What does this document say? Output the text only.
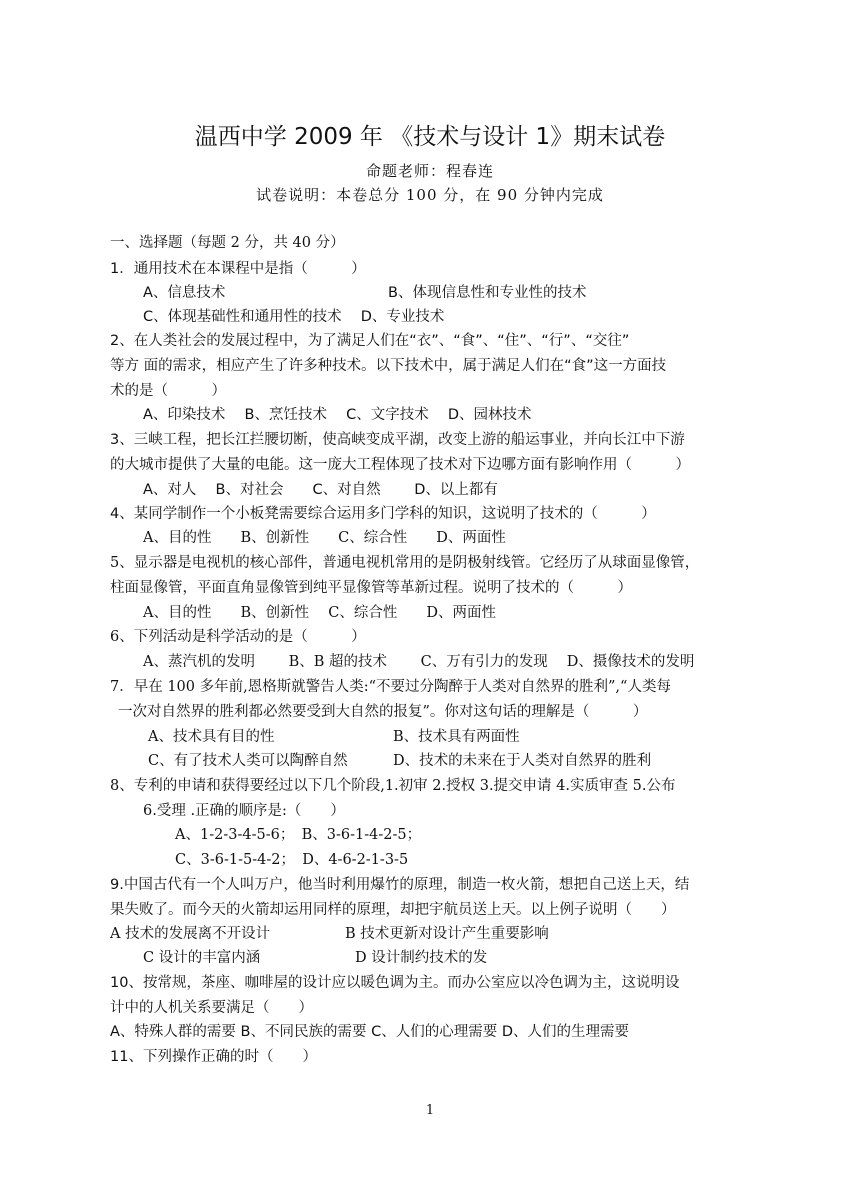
温西中学 2009 年 《技术与设计 1》期末试卷
命题老师：程春连
试卷说明：本卷总分 100 分，在 90 分钟内完成
一、选择题（每题 2 分，共 40 分）
1．通用技术在本课程中是指（　　　）
A、信息技术	B、体现信息性和专业性的技术
C、体现基础性和通用性的技术　 D、专业技术
2、在人类社会的发展过程中，为了满足人们在“衣”、“食”、“住”、“行”、“交往”
等方 面的需求，相应产生了许多种技术。以下技术中，属于满足人们在“食”这一方面技
术的是（　　　）
A、印染技术　 B、烹饪技术　 C、文字技术　 D、园林技术
3、三峡工程，把长江拦腰切断，使高峡变成平湖，改变上游的船运事业，并向长江中下游
的大城市提供了大量的电能。这一庞大工程体现了技术对下边哪方面有影响作用（　　　）
A、对人　 B、对社会　　C、对自然　　 D、以上都有
4、某同学制作一个小板凳需要综合运用多门学科的知识，这说明了技术的（　　　）
A、目的性　　B、创新性　　C、综合性　　D、两面性
5、显示器是电视机的核心部件，普通电视机常用的是阴极射线管。它经历了从球面显像管，
柱面显像管，平面直角显像管到纯平显像管等革新过程。说明了技术的（　　　）
A、目的性　　B、创新性　 C、综合性　　D、两面性
6、下列活动是科学活动的是（　　　）
A、蒸汽机的发明　　 B、B 超的技术　　 C、万有引力的发现　 D、摄像技术的发明
7．早在 100 多年前,恩格斯就警告人类:“不要过分陶醉于人类对自然界的胜利”,“人类每
一次对自然界的胜利都必然要受到大自然的报复”。你对这句话的理解是（　　　）
A、技术具有目的性	B、技术具有两面性
C、有了技术人类可以陶醉自然	D、技术的未来在于人类对自然界的胜利
8、专利的申请和获得要经过以下几个阶段,1.初审 2.授权 3.提交申请 4.实质审查 5.公布
6.受理 .正确的顺序是:（　　）
A、1-2-3-4-5-6；　B、3-6-1-4-2-5；
C、3-6-1-5-4-2；　D、4-6-2-1-3-5
9.中国古代有一个人叫万户，他当时利用爆竹的原理，制造一枚火箭，想把自己送上天，结
果失败了。而今天的火箭却运用同样的原理，却把宇航员送上天。以上例子说明（　　）
A 技术的发展离不开设计	B 技术更新对设计产生重要影响
C 设计的丰富内涵	D 设计制约技术的发
10、按常规，茶座、咖啡屋的设计应以暖色调为主。而办公室应以冷色调为主，这说明设
计中的人机关系要满足（　　）
A、特殊人群的需要 B、不同民族的需要 C、人们的心理需要 D、人们的生理需要
11、下列操作正确的时（　　）
1
